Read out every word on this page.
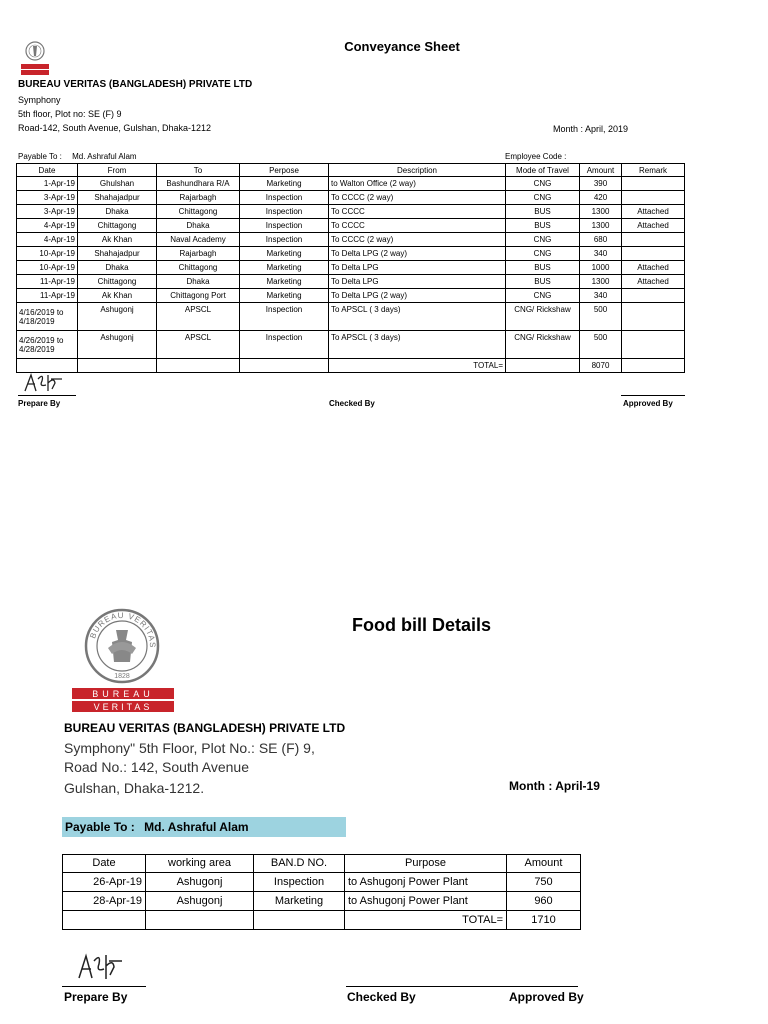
Conveyance Sheet
BUREAU VERITAS (BANGLADESH) PRIVATE LTD
Symphony
5th floor, Plot no: SE (F) 9
Road-142, South Avenue, Gulshan, Dhaka-1212	Month : April, 2019
Payable To : Md. Ashraful Alam	Employee Code :
Date	From	To	Perpose	Description	Mode of Travel	Amount	Remark
1-Apr-19	Ghulshan	Bashundhara R/A	Marketing	to Walton Office (2 way)	CNG	390	
3-Apr-19	Shahajadpur	Rajarbagh	Inspection	To CCCC (2 way)	CNG	420	
3-Apr-19	Dhaka	Chittagong	Inspection	To CCCC	BUS	1300	Attached
4-Apr-19	Chittagong	Dhaka	Inspection	To CCCC	BUS	1300	Attached
4-Apr-19	Ak Khan	Naval Academy	Inspection	To CCCC (2 way)	CNG	680	
10-Apr-19	Shahajadpur	Rajarbagh	Marketing	To Delta LPG (2 way)	CNG	340	
10-Apr-19	Dhaka	Chittagong	Marketing	To Delta LPG	BUS	1000	Attached
11-Apr-19	Chittagong	Dhaka	Marketing	To Delta LPG	BUS	1300	Attached
11-Apr-19	Ak Khan	Chittagong Port	Marketing	To Delta LPG (2 way)	CNG	340	
4/16/2019 to 4/18/2019	Ashugonj	APSCL	Inspection	To APSCL ( 3 days)	CNG/ Rickshaw	500	
4/26/2019 to 4/28/2019	Ashugonj	APSCL	Inspection	To APSCL ( 3 days)	CNG/ Rickshaw	500	
				TOTAL=		8070	
Prepare By	Checked By	Approved By
BUREAU VERITAS
1828
BUREAU
VERITAS
Food bill Details
BUREAU VERITAS (BANGLADESH) PRIVATE LTD
Symphony" 5th Floor, Plot No.: SE (F) 9,
Road No.: 142, South Avenue
Gulshan, Dhaka-1212.	Month : April-19
Payable To : Md. Ashraful Alam
Date	working area	BAN.D NO.	Purpose	Amount
26-Apr-19	Ashugonj	Inspection	to Ashugonj Power Plant	750
28-Apr-19	Ashugonj	Marketing	to Ashugonj Power Plant	960
			TOTAL=	1710
Prepare By	Checked By	Approved By
